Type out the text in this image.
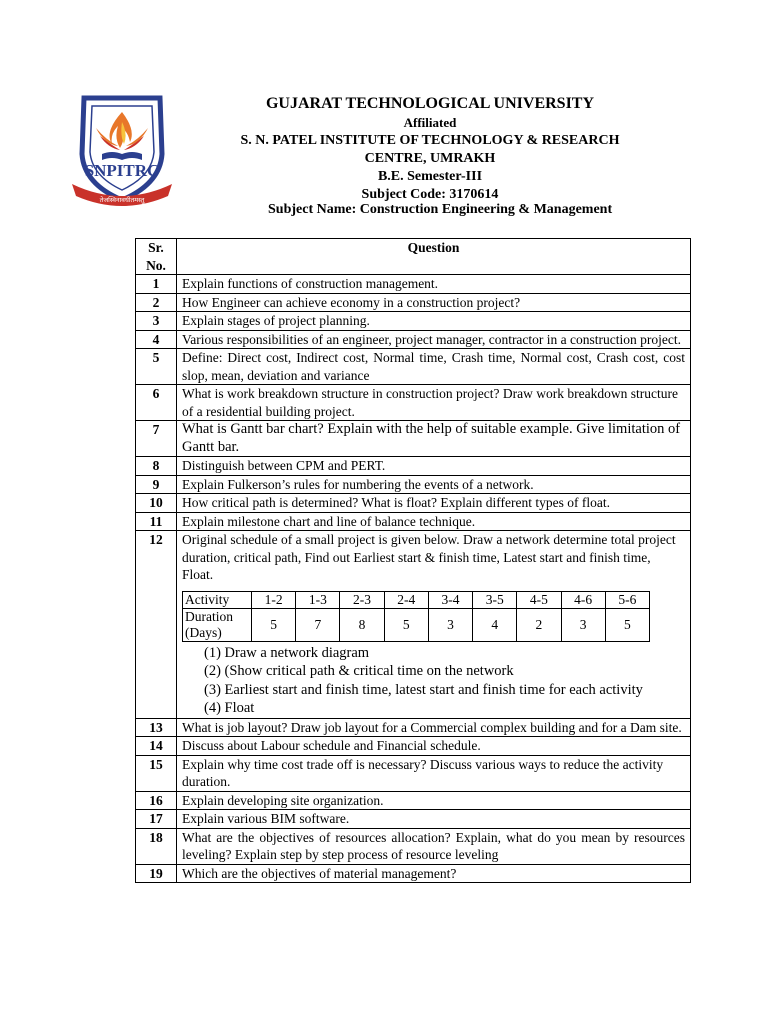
SNPITRC
तेजस्विनावधीतमस्तु
GUJARAT TECHNOLOGICAL UNIVERSITY
Affiliated
S. N. PATEL INSTITUTE OF TECHNOLOGY & RESEARCH
CENTRE, UMRAKH
B.E. Semester-III
Subject Code: 3170614
Subject Name: Construction Engineering & Management
Sr. No.	Question
1	Explain functions of construction management.
2	How Engineer can achieve economy in a construction project?
3	Explain stages of project planning.
4	Various responsibilities of an engineer, project manager, contractor in a construction project.
5	Define: Direct cost, Indirect cost, Normal time, Crash time, Normal cost, Crash cost, cost slop, mean, deviation and variance
6	What is work breakdown structure in construction project? Draw work breakdown structure of a residential building project.
7	What is Gantt bar chart? Explain with the help of suitable example. Give limitation of Gantt bar.
8	Distinguish between CPM and PERT.
9	Explain Fulkerson’s rules for numbering the events of a network.
10	How critical path is determined? What is float? Explain different types of float.
11	Explain milestone chart and line of balance technique.
12	Original schedule of a small project is given below. Draw a network determine total project duration, critical path, Find out Earliest start & finish time, Latest start and finish time, Float.
Activity	1-2	1-3	2-3	2-4	3-4	3-5	4-5	4-6	5-6
Duration (Days)	5	7	8	5	3	4	2	3	5
(1) Draw a network diagram
(2) (Show critical path & critical time on the network
(3) Earliest start and finish time, latest start and finish time for each activity
(4) Float

13	What is job layout? Draw job layout for a Commercial complex building and for a Dam site.
14	Discuss about Labour schedule and Financial schedule.
15	Explain why time cost trade off is necessary? Discuss various ways to reduce the activity duration.
16	Explain developing site organization.
17	Explain various BIM software.
18	What are the objectives of resources allocation? Explain, what do you mean by resources leveling? Explain step by step process of resource leveling
19	Which are the objectives of material management?
